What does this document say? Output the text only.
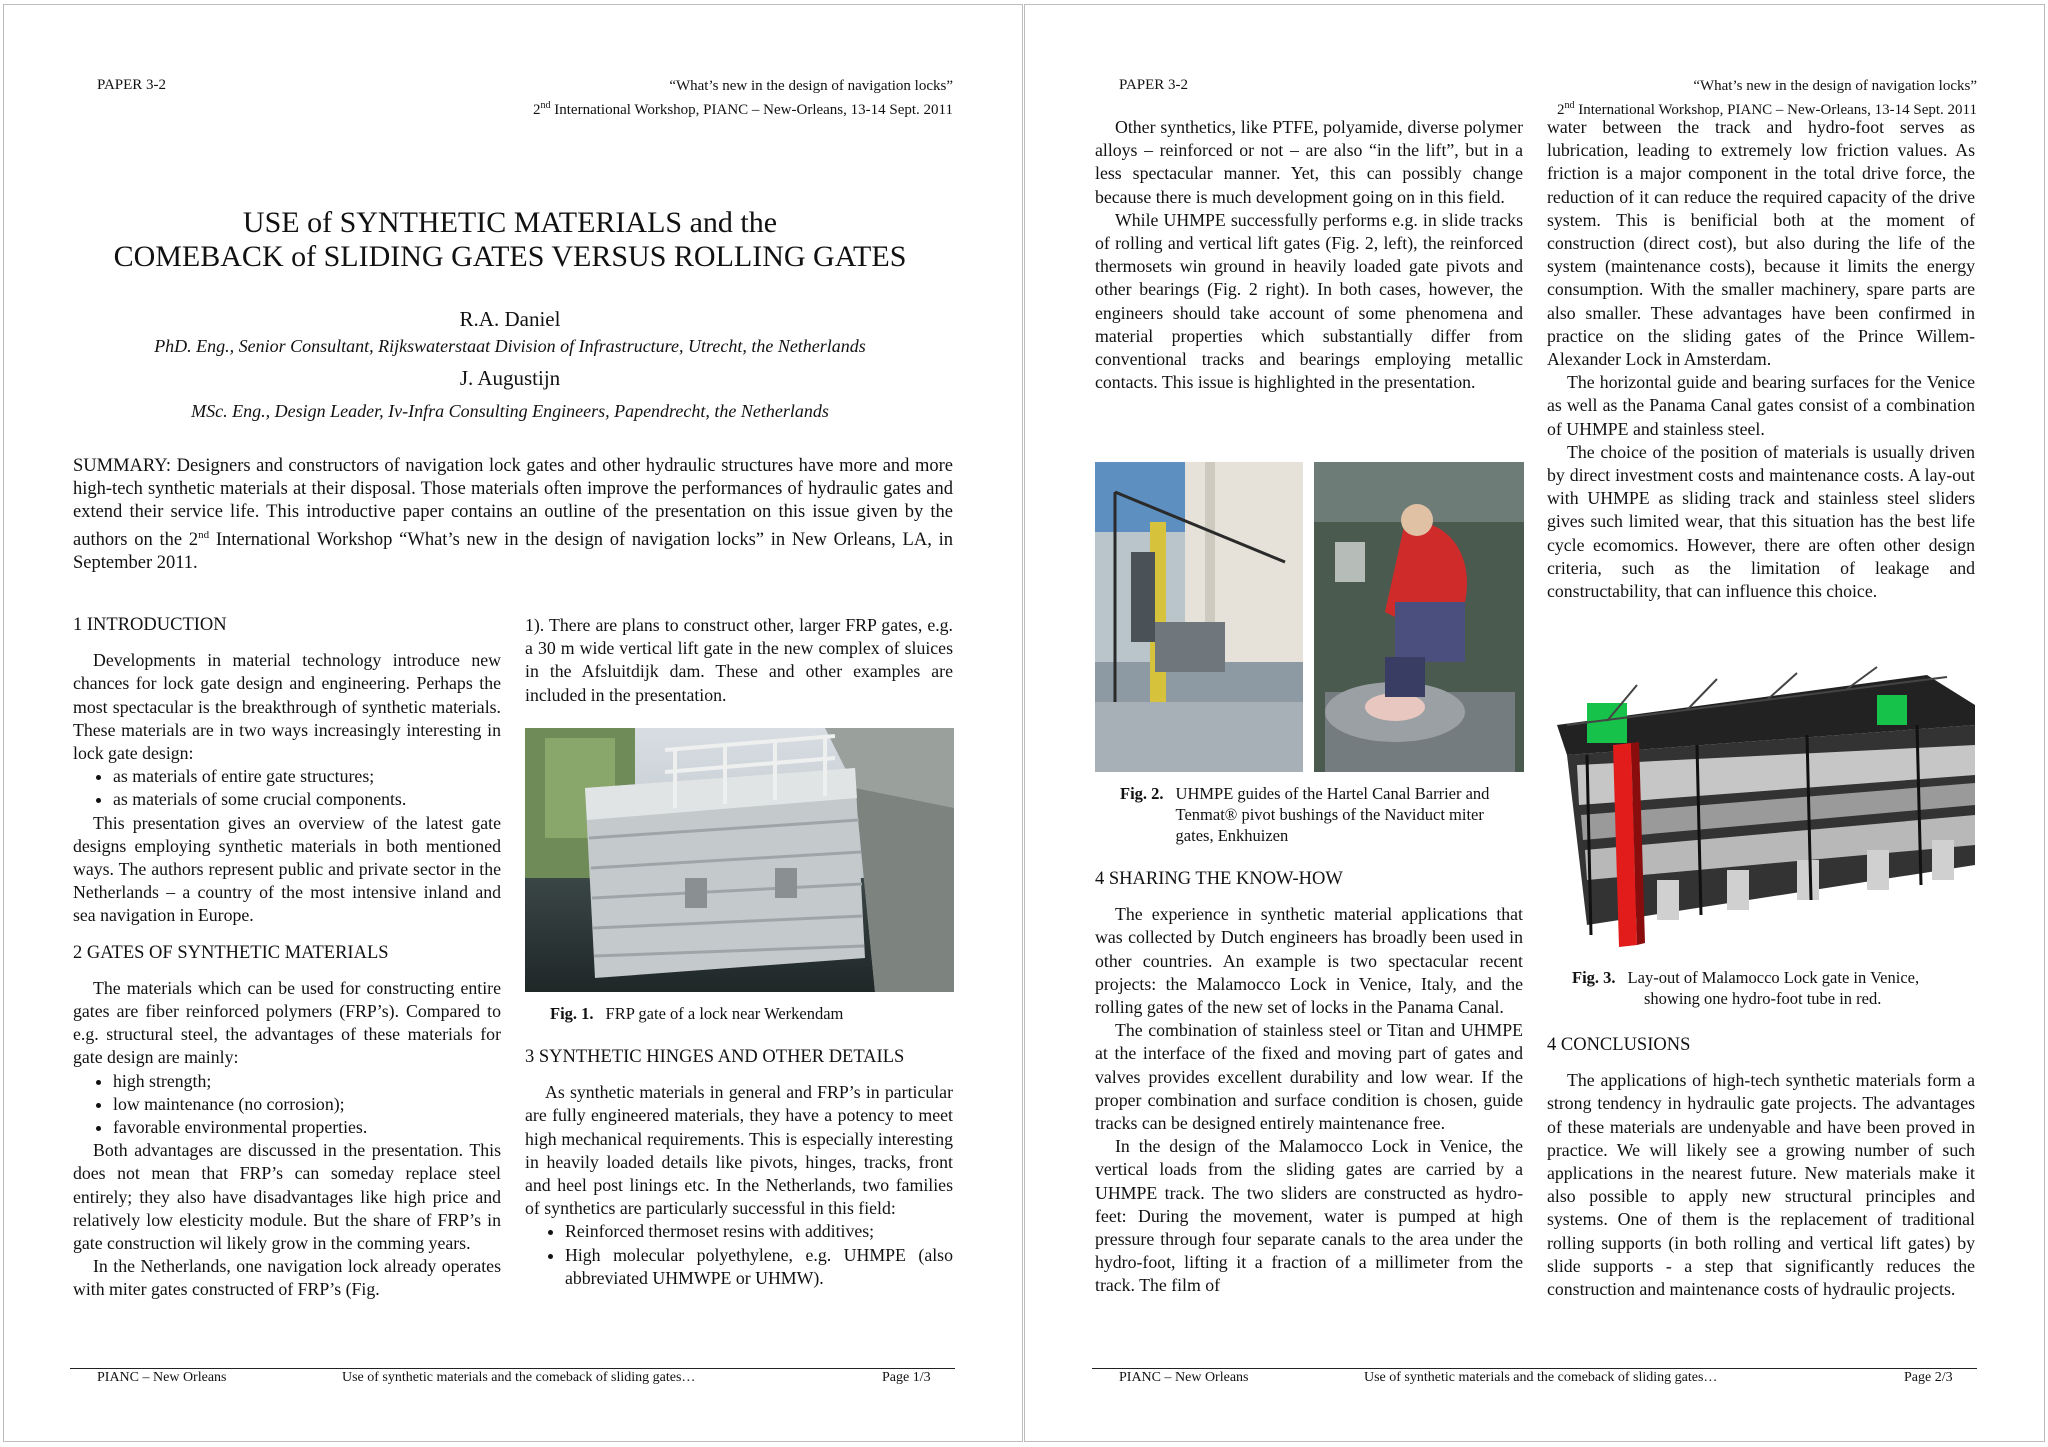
PAPER 3-2	“What’s new in the design of navigation locks”
2nd International Workshop, PIANC – New-Orleans, 13-14 Sept. 2011
USE of SYNTHETIC MATERIALS and the
COMEBACK of SLIDING GATES VERSUS ROLLING GATES
R.A. Daniel
PhD. Eng., Senior Consultant, Rijkswaterstaat Division of Infrastructure, Utrecht, the Netherlands
J. Augustijn
MSc. Eng., Design Leader, Iv-Infra Consulting Engineers, Papendrecht, the Netherlands
SUMMARY: Designers and constructors of navigation lock gates and other hydraulic structures have more and more high-tech synthetic materials at their disposal. Those materials often improve the performances of hydraulic gates and extend their service life. This introductive paper contains an outline of the presentation on this issue given by the authors on the 2nd International Workshop “What’s new in the design of navigation locks” in New Orleans, LA, in September 2011.
1 INTRODUCTION

Developments in material technology introduce new chances for lock gate design and engineering. Perhaps the most spectacular is the breakthrough of synthetic materials. These materials are in two ways increasingly interesting in lock gate design:

• as materials of entire gate structures;
• as materials of some crucial components.

This presentation gives an overview of the latest gate designs employing synthetic materials in both mentioned ways. The authors represent public and private sector in the Netherlands – a country of the most intensive inland and sea navigation in Europe.

2 GATES OF SYNTHETIC MATERIALS

The materials which can be used for constructing entire gates are fiber reinforced polymers (FRP’s). Compared to e.g. structural steel, the advantages of these materials for gate design are mainly:

• high strength;
• low maintenance (no corrosion);
• favorable environmental properties.

Both advantages are discussed in the presentation. This does not mean that FRP’s can someday replace steel entirely; they also have disadvantages like high price and relatively low elesticity module. But the share of FRP’s in gate construction wil likely grow in the comming years.

In the Netherlands, one navigation lock already operates with miter gates constructed of FRP’s (Fig.

1). There are plans to construct other, larger FRP gates, e.g. a 30 m wide vertical lift gate in the new complex of sluices in the Afsluitdijk dam. These and other examples are included in the presentation.

Fig. 1. FRP gate of a lock near Werkendam
3 SYNTHETIC HINGES AND OTHER DETAILS

As synthetic materials in general and FRP’s in particular are fully engineered materials, they have a potency to meet high mechanical requirements. This is especially interesting in heavily loaded details like pivots, hinges, tracks, front and heel post linings etc. In the Netherlands, two families of synthetics are particularly successful in this field:

• Reinforced thermoset resins with additives;
• High molecular polyethylene, e.g. UHMPE (also abbreviated UHMWPE or UHMW).
PIANC – New Orleans	Use of synthetic materials and the comeback of sliding gates…	Page 1/3
PAPER 3-2	“What’s new in the design of navigation locks”
2nd International Workshop, PIANC – New-Orleans, 13-14 Sept. 2011

Other synthetics, like PTFE, polyamide, diverse polymer alloys – reinforced or not – are also “in the lift”, but in a less spectacular manner. Yet, this can possibly change because there is much development going on in this field.

While UHMPE successfully performs e.g. in slide tracks of rolling and vertical lift gates (Fig. 2, left), the reinforced thermosets win ground in heavily loaded gate pivots and other bearings (Fig. 2 right). In both cases, however, the engineers should take account of some phenomena and material properties which substantially differ from conventional tracks and bearings employing metallic contacts. This issue is highlighted in the presentation.

Fig. 2. UHMPE guides of the Hartel Canal Barrier and Tenmat® pivot bushings of the Naviduct miter gates, Enkhuizen
4 SHARING THE KNOW-HOW

The experience in synthetic material applications that was collected by Dutch engineers has broadly been used in other countries. An example is two spectacular recent projects: the Malamocco Lock in Venice, Italy, and the rolling gates of the new set of locks in the Panama Canal.

The combination of stainless steel or Titan and UHMPE at the interface of the fixed and moving part of gates and valves provides excellent durability and low wear. If the proper combination and surface condition is chosen, guide tracks can be designed entirely maintenance free.

In the design of the Malamocco Lock in Venice, the vertical loads from the sliding gates are carried by a UHMPE track. The two sliders are constructed as hydro-feet: During the movement, water is pumped at high pressure through four separate canals to the area under the hydro-foot, lifting it a fraction of a millimeter from the track. The film of

water between the track and hydro-foot serves as lubrication, leading to extremely low friction values. As friction is a major component in the total drive force, the reduction of it can reduce the required capacity of the drive system. This is benificial both at the moment of construction (direct cost), but also during the life of the system (maintenance costs), because it limits the energy consumption. With the smaller machinery, spare parts are also smaller. These advantages have been confirmed in practice on the sliding gates of the Prince Willem-Alexander Lock in Amsterdam.

The horizontal guide and bearing surfaces for the Venice as well as the Panama Canal gates consist of a combination of UHMPE and stainless steel.

The choice of the position of materials is usually driven by direct investment costs and maintenance costs. A lay-out with UHMPE as sliding track and stainless steel sliders gives such limited wear, that this situation has the best life cycle ecomomics. However, there are often other design criteria, such as the limitation of leakage and constructability, that can influence this choice.

Fig. 3. Lay-out of Malamocco Lock gate in Venice,
showing one hydro-foot tube in red.
4 CONCLUSIONS

The applications of high-tech synthetic materials form a strong tendency in hydraulic gate projects. The advantages of these materials are undenyable and have been proved in practice. We will likely see a growing number of such applications in the nearest future. New materials make it also possible to apply new structural principles and systems. One of them is the replacement of traditional rolling supports (in both rolling and vertical lift gates) by slide supports - a step that significantly reduces the construction and maintenance costs of hydraulic projects.

PIANC – New Orleans	Use of synthetic materials and the comeback of sliding gates…	Page 2/3
